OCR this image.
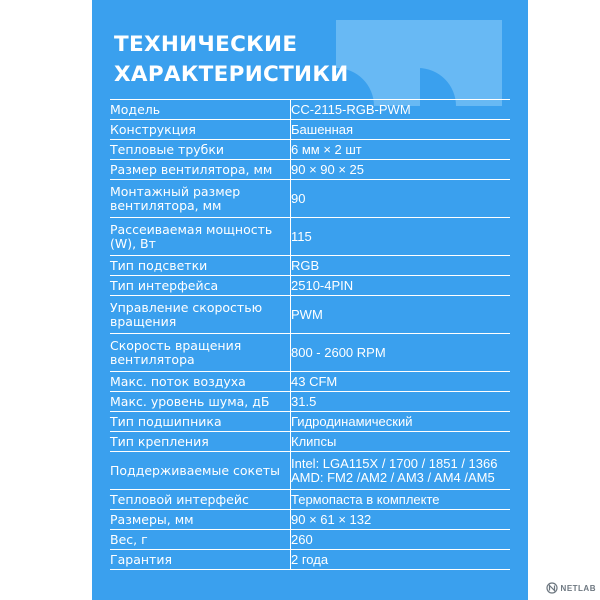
ТЕХНИЧЕСКИЕ
ХАРАКТЕРИСТИКИ
Модель	CC-2115-RGB-PWM
Конструкция	Башенная
Тепловые трубки	6 мм × 2 шт
Размер вентилятора, мм	90 × 90 × 25
Монтажный размер вентилятора, мм	90
Рассеиваемая мощность (W), Вт	115
Тип подсветки	RGB
Тип интерфейса	2510-4PIN
Управление скоростью вращения	PWM
Скорость вращения вентилятора	800 - 2600 RPM
Макс. поток воздуха	43 CFM
Макс. уровень шума, дБ	31.5
Тип подшипника	Гидродинамический
Тип крепления	Клипсы
Поддерживаемые сокеты	Intel: LGA115X / 1700 / 1851 / 1366
AMD: FM2 /AM2 / AM3 / AM4 /AM5

Тепловой интерфейс	Термопаста в комплекте
Размеры, мм	90 × 61 × 132
Вес, г	260
Гарантия	2 года
NETLAB
